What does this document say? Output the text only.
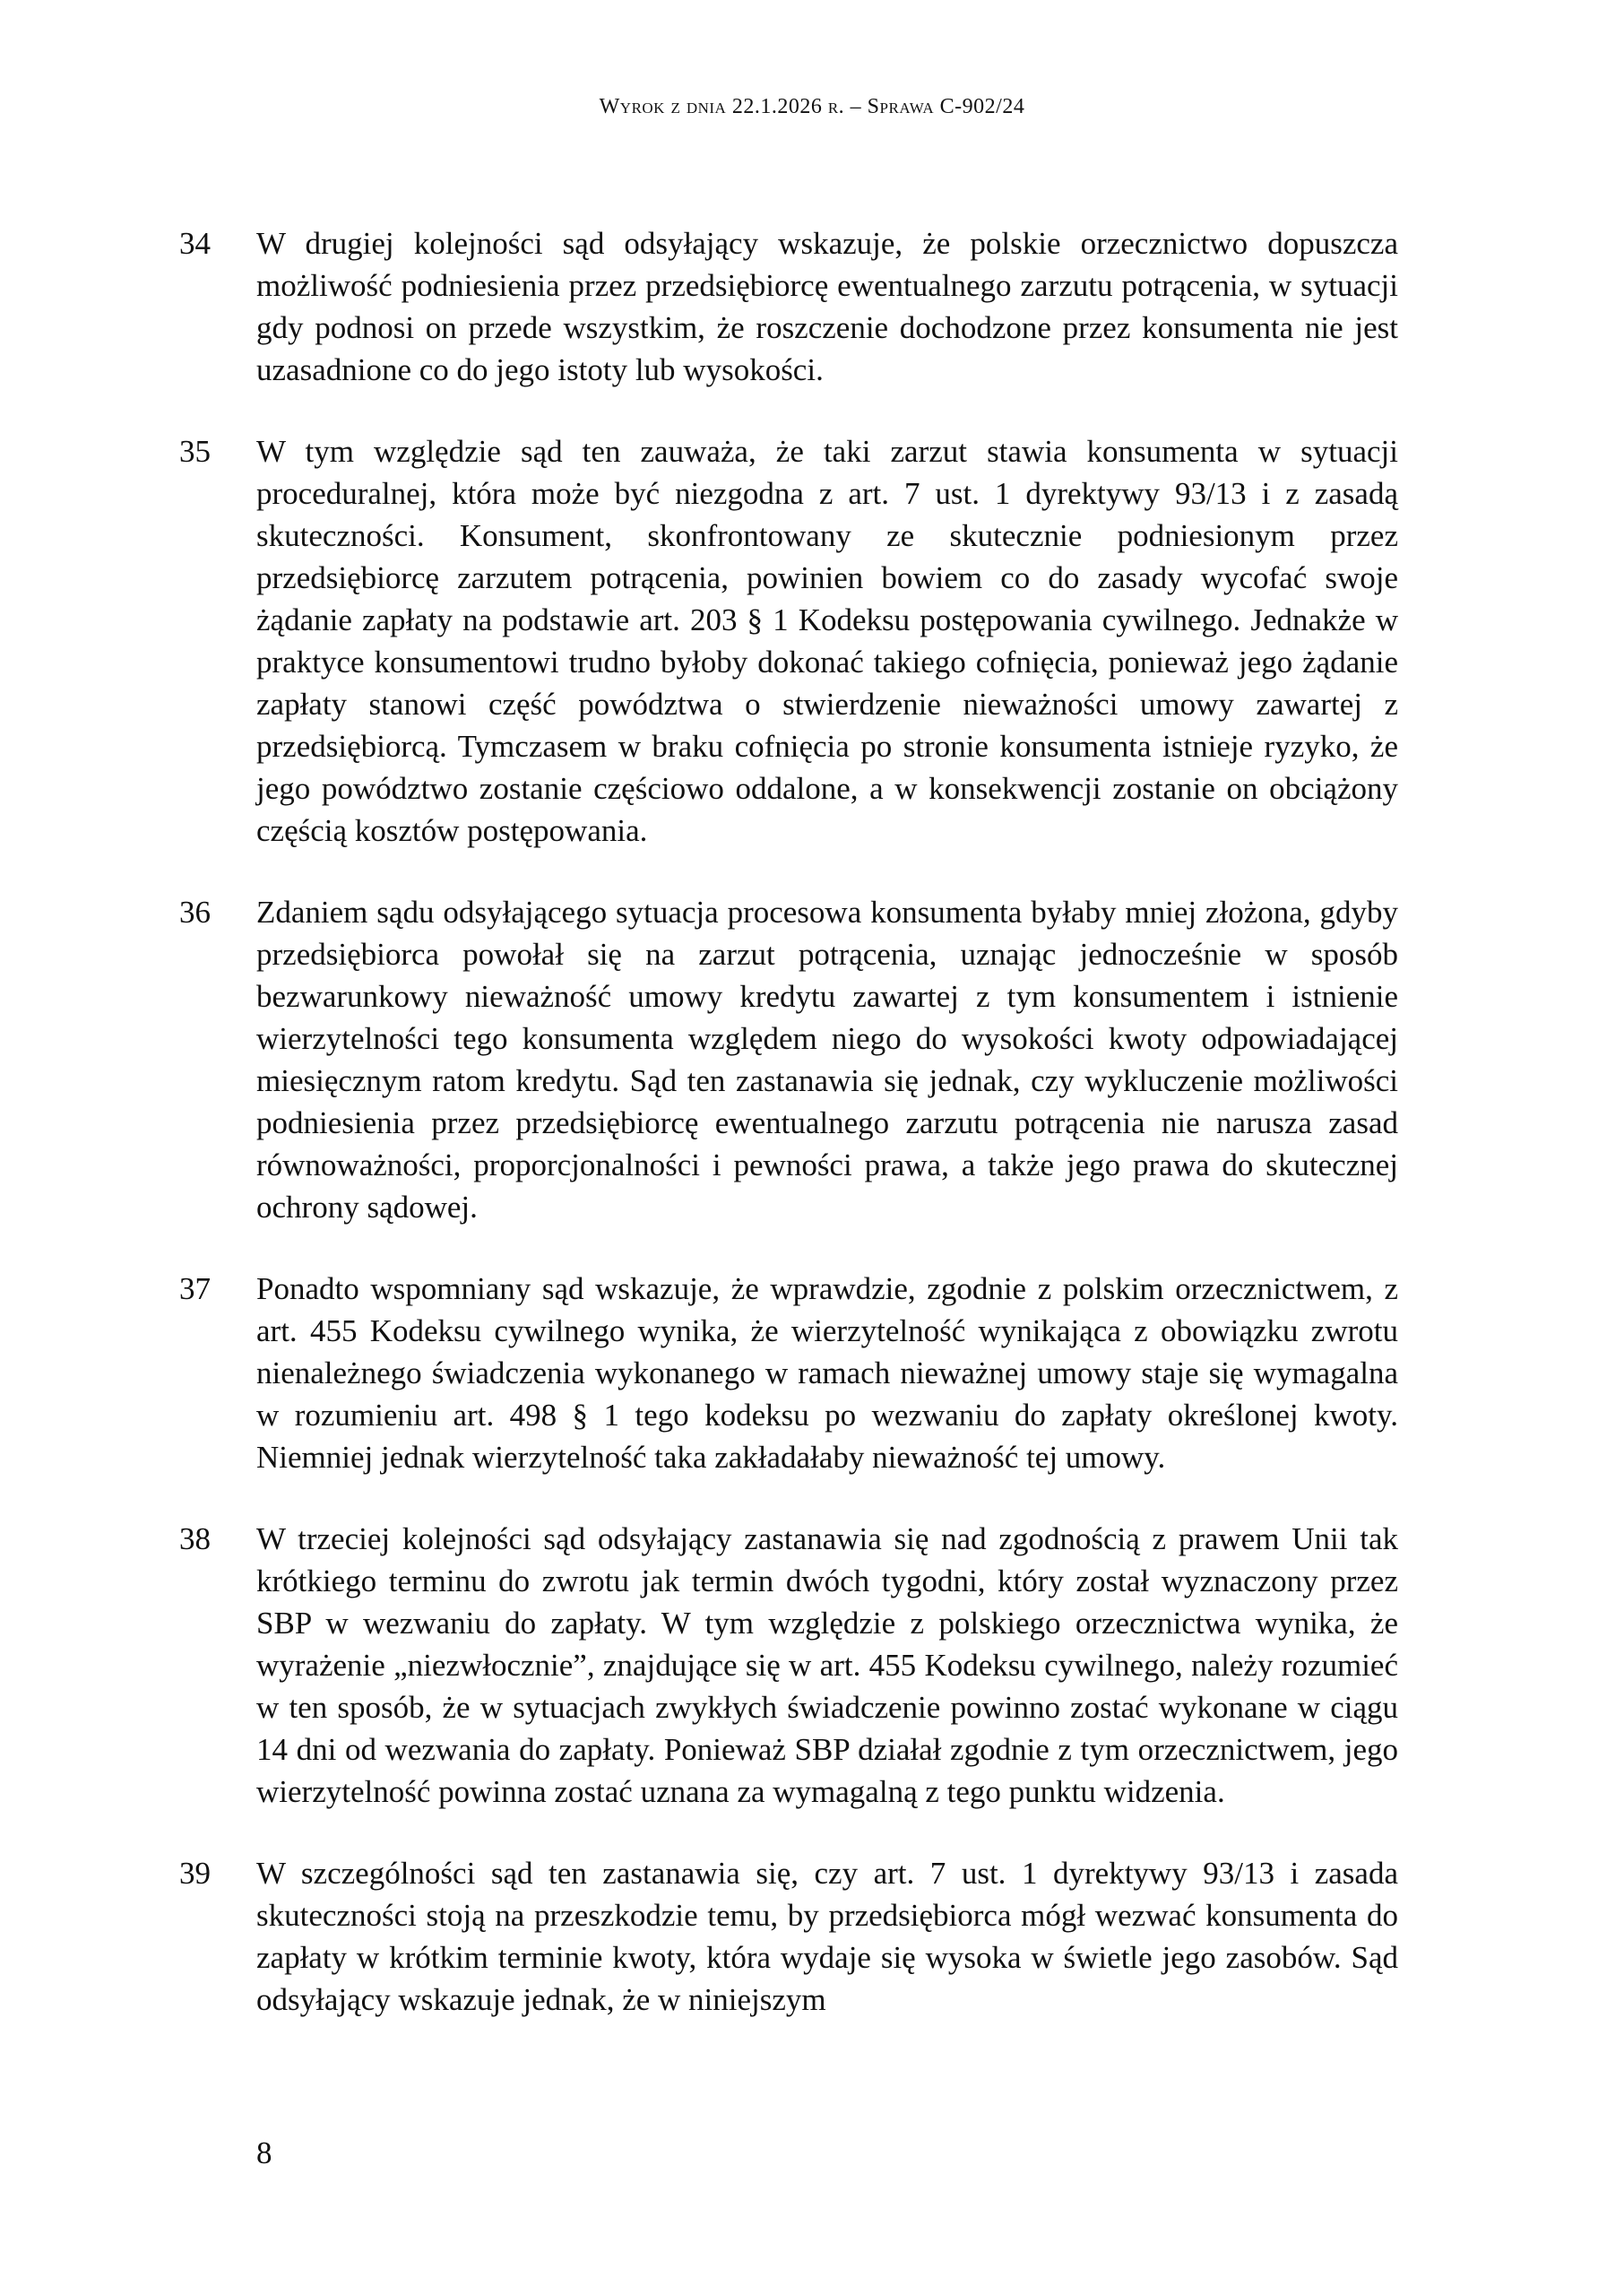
Wyrok z dnia 22.1.2026 r. – Sprawa C-902/24
34	W drugiej kolejności sąd odsyłający wskazuje, że polskie orzecznictwo dopuszcza możliwość podniesienia przez przedsiębiorcę ewentualnego zarzutu potrącenia, w sytuacji gdy podnosi on przede wszystkim, że roszczenie dochodzone przez konsumenta nie jest uzasadnione co do jego istoty lub wysokości.
35	W tym względzie sąd ten zauważa, że taki zarzut stawia konsumenta w sytuacji proceduralnej, która może być niezgodna z art. 7 ust. 1 dyrektywy 93/13 i z zasadą skuteczności. Konsument, skonfrontowany ze skutecznie podniesionym przez przedsiębiorcę zarzutem potrącenia, powinien bowiem co do zasady wycofać swoje żądanie zapłaty na podstawie art. 203 § 1 Kodeksu postępowania cywilnego. Jednakże w praktyce konsumentowi trudno byłoby dokonać takiego cofnięcia, ponieważ jego żądanie zapłaty stanowi część powództwa o stwierdzenie nieważności umowy zawartej z przedsiębiorcą. Tymczasem w braku cofnięcia po stronie konsumenta istnieje ryzyko, że jego powództwo zostanie częściowo oddalone, a w konsekwencji zostanie on obciążony częścią kosztów postępowania.
36	Zdaniem sądu odsyłającego sytuacja procesowa konsumenta byłaby mniej złożona, gdyby przedsiębiorca powołał się na zarzut potrącenia, uznając jednocześnie w sposób bezwarunkowy nieważność umowy kredytu zawartej z tym konsumentem i istnienie wierzytelności tego konsumenta względem niego do wysokości kwoty odpowiadającej miesięcznym ratom kredytu. Sąd ten zastanawia się jednak, czy wykluczenie możliwości podniesienia przez przedsiębiorcę ewentualnego zarzutu potrącenia nie narusza zasad równoważności, proporcjonalności i pewności prawa, a także jego prawa do skutecznej ochrony sądowej.
37	Ponadto wspomniany sąd wskazuje, że wprawdzie, zgodnie z polskim orzecznictwem, z art. 455 Kodeksu cywilnego wynika, że wierzytelność wynikająca z obowiązku zwrotu nienależnego świadczenia wykonanego w ramach nieważnej umowy staje się wymagalna w rozumieniu art. 498 § 1 tego kodeksu po wezwaniu do zapłaty określonej kwoty. Niemniej jednak wierzytelność taka zakładałaby nieważność tej umowy.
38	W trzeciej kolejności sąd odsyłający zastanawia się nad zgodnością z prawem Unii tak krótkiego terminu do zwrotu jak termin dwóch tygodni, który został wyznaczony przez SBP w wezwaniu do zapłaty. W tym względzie z polskiego orzecznictwa wynika, że wyrażenie „niezwłocznie”, znajdujące się w art. 455 Kodeksu cywilnego, należy rozumieć w ten sposób, że w sytuacjach zwykłych świadczenie powinno zostać wykonane w ciągu 14 dni od wezwania do zapłaty. Ponieważ SBP działał zgodnie z tym orzecznictwem, jego wierzytelność powinna zostać uznana za wymagalną z tego punktu widzenia.
39	W szczególności sąd ten zastanawia się, czy art. 7 ust. 1 dyrektywy 93/13 i zasada skuteczności stoją na przeszkodzie temu, by przedsiębiorca mógł wezwać konsumenta do zapłaty w krótkim terminie kwoty, która wydaje się wysoka w świetle jego zasobów. Sąd odsyłający wskazuje jednak, że w niniejszym
8
